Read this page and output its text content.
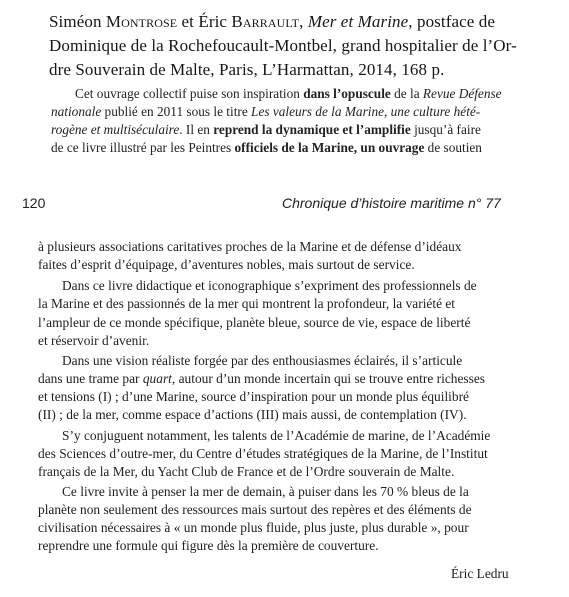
Siméon Montrose et Éric Barrault, Mer et Marine, postface de
Dominique de la Rochefoucault-Montbel, grand hospitalier de l’Or-
dre Souverain de Malte, Paris, L’Harmattan, 2014, 168 p.
Cet ouvrage collectif puise son inspiration dans l’opuscule de la Revue Défense
nationale publié en 2011 sous le titre Les valeurs de la Marine, une culture hété-
rogène et multiséculaire. Il en reprend la dynamique et l’amplifie jusqu’à faire
de ce livre illustré par les Peintres officiels de la Marine, un ouvrage de soutien
120	Chronique d’histoire maritime n° 77
à plusieurs associations caritatives proches de la Marine et de défense d’idéaux
faites d’esprit d’équipage, d’aventures nobles, mais surtout de service.
Dans ce livre didactique et iconographique s’expriment des professionnels de
la Marine et des passionnés de la mer qui montrent la profondeur, la variété et
l’ampleur de ce monde spécifique, planète bleue, source de vie, espace de liberté
et réservoir d’avenir.
Dans une vision réaliste forgée par des enthousiasmes éclairés, il s’articule
dans une trame par quart, autour d’un monde incertain qui se trouve entre richesses
et tensions (I) ; d’une Marine, source d’inspiration pour un monde plus équilibré
(II) ; de la mer, comme espace d’actions (III) mais aussi, de contemplation (IV).
S’y conjuguent notamment, les talents de l’Académie de marine, de l’Académie
des Sciences d’outre-mer, du Centre d’études stratégiques de la Marine, de l’Institut
français de la Mer, du Yacht Club de France et de l’Ordre souverain de Malte.
Ce livre invite à penser la mer de demain, à puiser dans les 70 % bleus de la
planète non seulement des ressources mais surtout des repères et des éléments de
civilisation nécessaires à « un monde plus fluide, plus juste, plus durable », pour
reprendre une formule qui figure dès la première de couverture.
Éric Ledru
